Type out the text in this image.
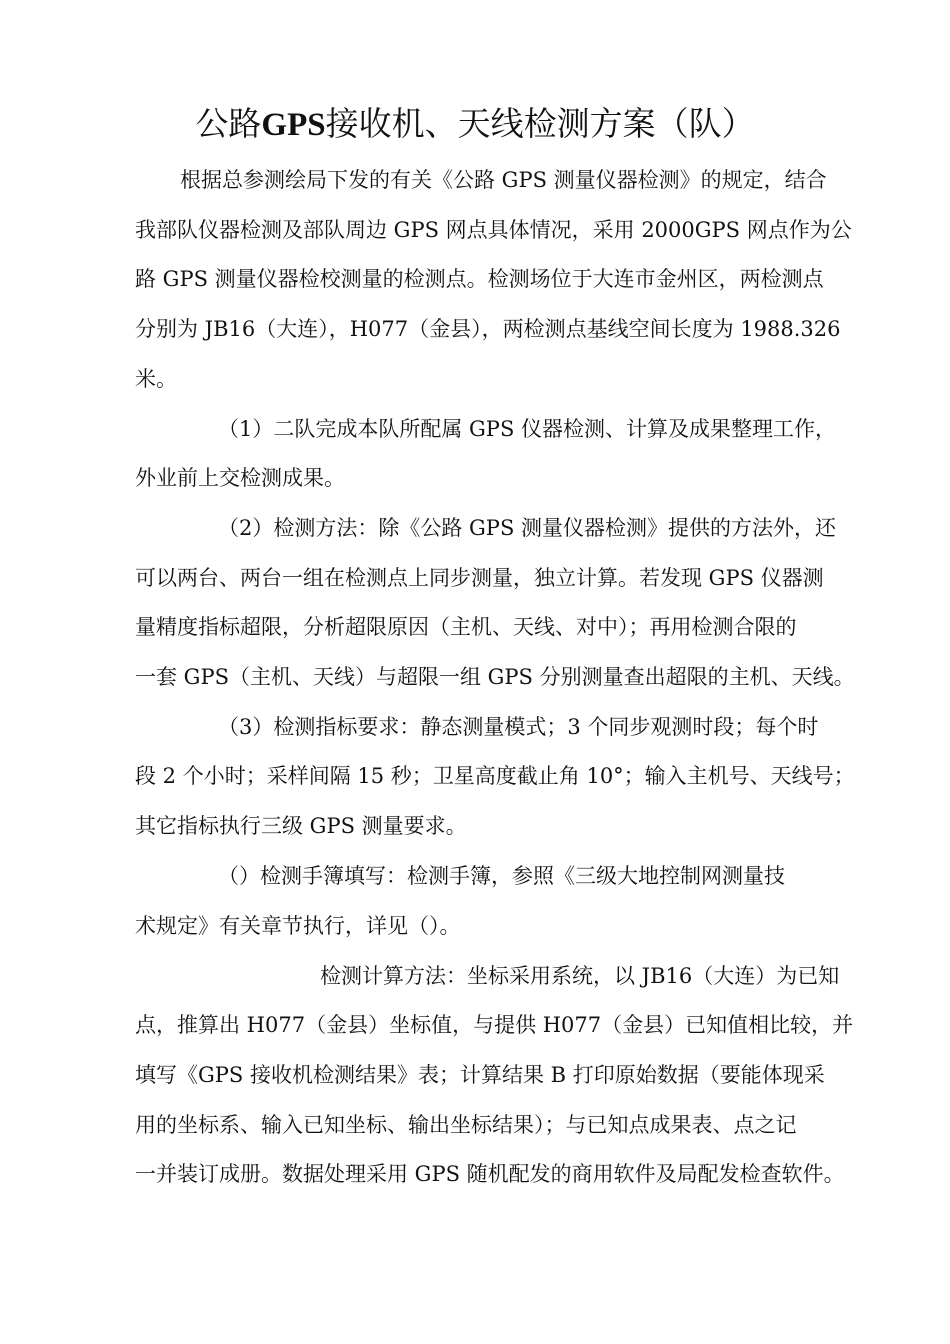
公路GPS接收机、天线检测方案（队）
根据总参测绘局下发的有关《公路 GPS 测量仪器检测》的规定，结合
我部队仪器检测及部队周边 GPS 网点具体情况，采用 2000GPS 网点作为公
路 GPS 测量仪器检校测量的检测点。检测场位于大连市金州区，两检测点
分别为 JB16（大连），H077（金县），两检测点基线空间长度为 1988.326
米。
（1）二队完成本队所配属 GPS 仪器检测、计算及成果整理工作，
外业前上交检测成果。
（2）检测方法：除《公路 GPS 测量仪器检测》提供的方法外，还
可以两台、两台一组在检测点上同步测量，独立计算。若发现 GPS 仪器测
量精度指标超限，分析超限原因（主机、天线、对中）；再用检测合限的
一套 GPS（主机、天线）与超限一组 GPS 分别测量查出超限的主机、天线。
（3）检测指标要求：静态测量模式；3 个同步观测时段；每个时
段 2 个小时；采样间隔 15 秒；卫星高度截止角 10°；输入主机号、天线号；
其它指标执行三级 GPS 测量要求。
（）检测手簿填写：检测手簿，参照《三级大地控制网测量技
术规定》有关章节执行，详见（）。
检测计算方法：坐标采用系统，以 JB16（大连）为已知
点，推算出 H077（金县）坐标值，与提供 H077（金县）已知值相比较，并
填写《GPS 接收机检测结果》表；计算结果 B 打印原始数据（要能体现采
用的坐标系、输入已知坐标、输出坐标结果）；与已知点成果表、点之记
一并装订成册。数据处理采用 GPS 随机配发的商用软件及局配发检查软件。
